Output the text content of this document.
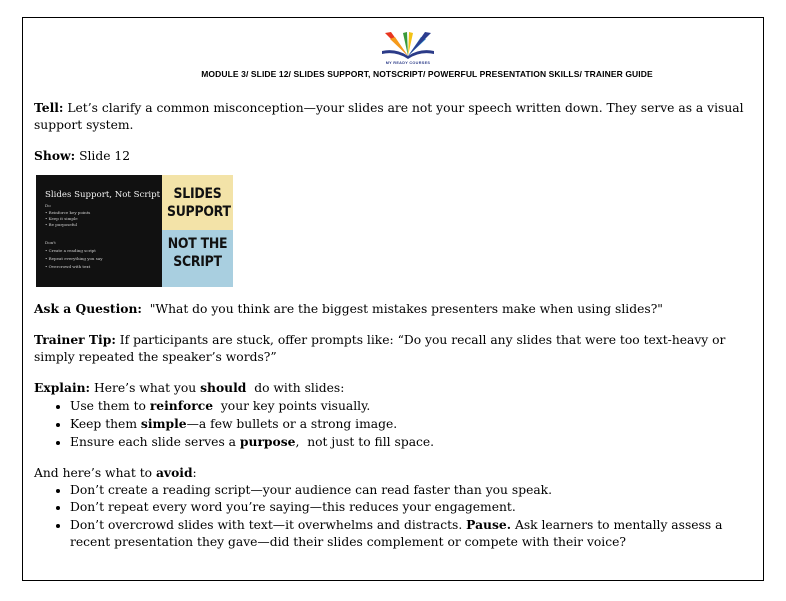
MY READY COURSES
MODULE 3/ SLIDE 12/ SLIDES SUPPORT, NOTSCRIPT/ POWERFUL PRESENTATION SKILLS/ TRAINER GUIDE

Tell: Let’s clarify a common misconception—your slides are not your speech written down. They serve as a visual support system.

Show: Slide 12

Slides Support, Not Script
Do
• Reinforce key points
• Keep it simple
• Be purposeful
Don't
• Create a reading script
• Repeat everything you say
• Overcrowd with text
SLIDES
SUPPORT
NOT THE
SCRIPT

Ask a Question:  "What do you think are the biggest mistakes presenters make when using slides?"

Trainer Tip: If participants are stuck, offer prompts like: “Do you recall any slides that were too text-heavy or simply repeated the speaker’s words?”

Explain: Here’s what you should  do with slides:

• Use them to reinforce  your key points visually.
• Keep them simple—a few bullets or a strong image.
• Ensure each slide serves a purpose,  not just to fill space.

And here’s what to avoid:

• Don’t create a reading script—your audience can read faster than you speak.
• Don’t repeat every word you’re saying—this reduces your engagement.
• Don’t overcrowd slides with text—it overwhelms and distracts. Pause. Ask learners to mentally assess a recent presentation they gave—did their slides complement or compete with their voice?
